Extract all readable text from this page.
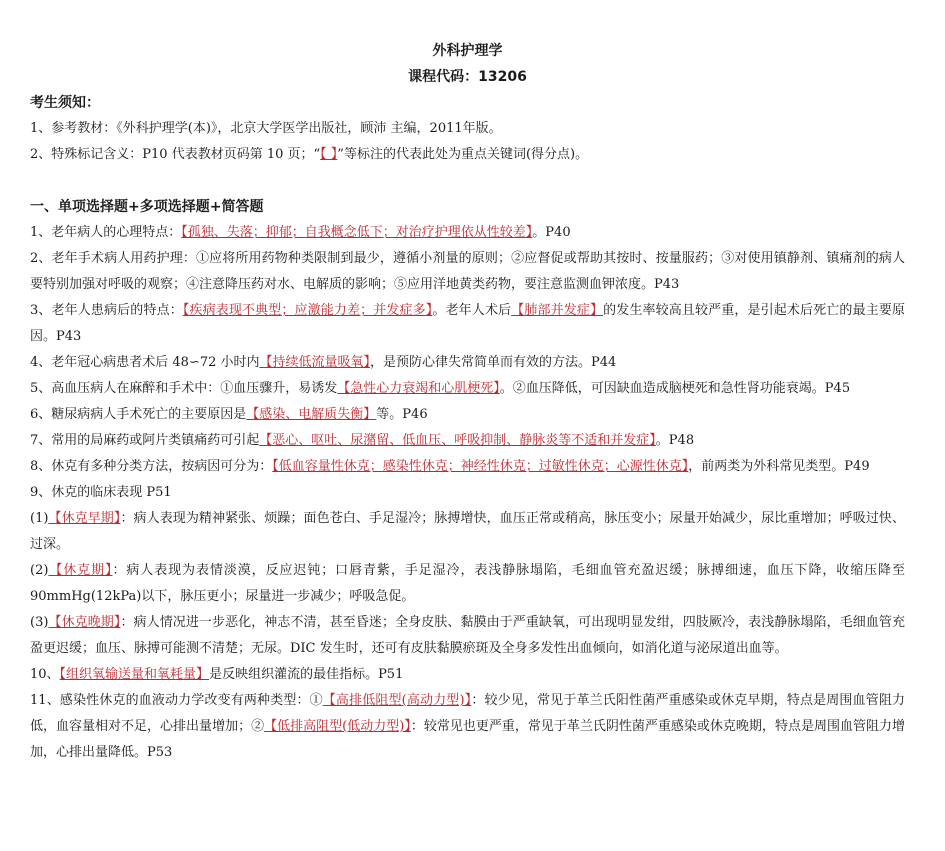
外科护理学
课程代码：13206
考生须知：
1、参考教材：《外科护理学(本)》，北京大学医学出版社，顾沛 主编，2011年版。
2、特殊标记含义：P10 代表教材页码第 10 页；“【 】”等标注的代表此处为重点关键词(得分点)。
一、单项选择题+多项选择题+简答题
1、老年病人的心理特点：【孤独、失落；抑郁；自我概念低下；对治疗护理依从性较差】。P40
2、老年手术病人用药护理：①应将所用药物种类限制到最少，遵循小剂量的原则；②应督促或帮助其按时、按量服药；③对使用镇静剂、镇痛剂的病人要特别加强对呼吸的观察；④注意降压药对水、电解质的影响；⑤应用洋地黄类药物，要注意监测血钾浓度。P43
3、老年人患病后的特点：【疾病表现不典型；应激能力差；并发症多】。老年人术后【肺部并发症】的发生率较高且较严重，是引起术后死亡的最主要原因。P43
4、老年冠心病患者术后 48∽72 小时内【持续低流量吸氧】，是预防心律失常简单而有效的方法。P44
5、高血压病人在麻醉和手术中：①血压骤升，易诱发【急性心力衰竭和心肌梗死】。②血压降低，可因缺血造成脑梗死和急性肾功能衰竭。P45
6、糖尿病病人手术死亡的主要原因是【感染、电解质失衡】等。P46
7、常用的局麻药或阿片类镇痛药可引起【恶心、呕吐、尿潴留、低血压、呼吸抑制、静脉炎等不适和并发症】。P48
8、休克有多种分类方法，按病因可分为：【低血容量性休克；感染性休克；神经性休克；过敏性休克；心源性休克】，前两类为外科常见类型。P49
9、休克的临床表现 P51
(1)【休克早期】：病人表现为精神紧张、烦躁；面色苍白、手足湿冷；脉搏增快，血压正常或稍高，脉压变小；尿量开始减少，尿比重增加；呼吸过快、过深。
(2)【休克期】：病人表现为表情淡漠，反应迟钝；口唇青紫，手足湿冷，表浅静脉塌陷，毛细血管充盈迟缓；脉搏细速，血压下降，收缩压降至 90mmHg(12kPa)以下，脉压更小；尿量进一步减少；呼吸急促。
(3)【休克晚期】：病人情况进一步恶化，神志不清，甚至昏迷；全身皮肤、黏膜由于严重缺氧，可出现明显发绀，四肢厥冷，表浅静脉塌陷，毛细血管充盈更迟缓；血压、脉搏可能测不清楚；无尿。DIC 发生时，还可有皮肤黏膜瘀斑及全身多发性出血倾向，如消化道与泌尿道出血等。
10、【组织氧输送量和氧耗量】是反映组织灌流的最佳指标。P51
11、感染性休克的血液动力学改变有两种类型：①【高排低阻型(高动力型)】：较少见，常见于革兰氏阳性菌严重感染或休克早期，特点是周围血管阻力低，血容量相对不足，心排出量增加；②【低排高阻型(低动力型)】：较常见也更严重，常见于革兰氏阴性菌严重感染或休克晚期，特点是周围血管阻力增加，心排出量降低。P53
